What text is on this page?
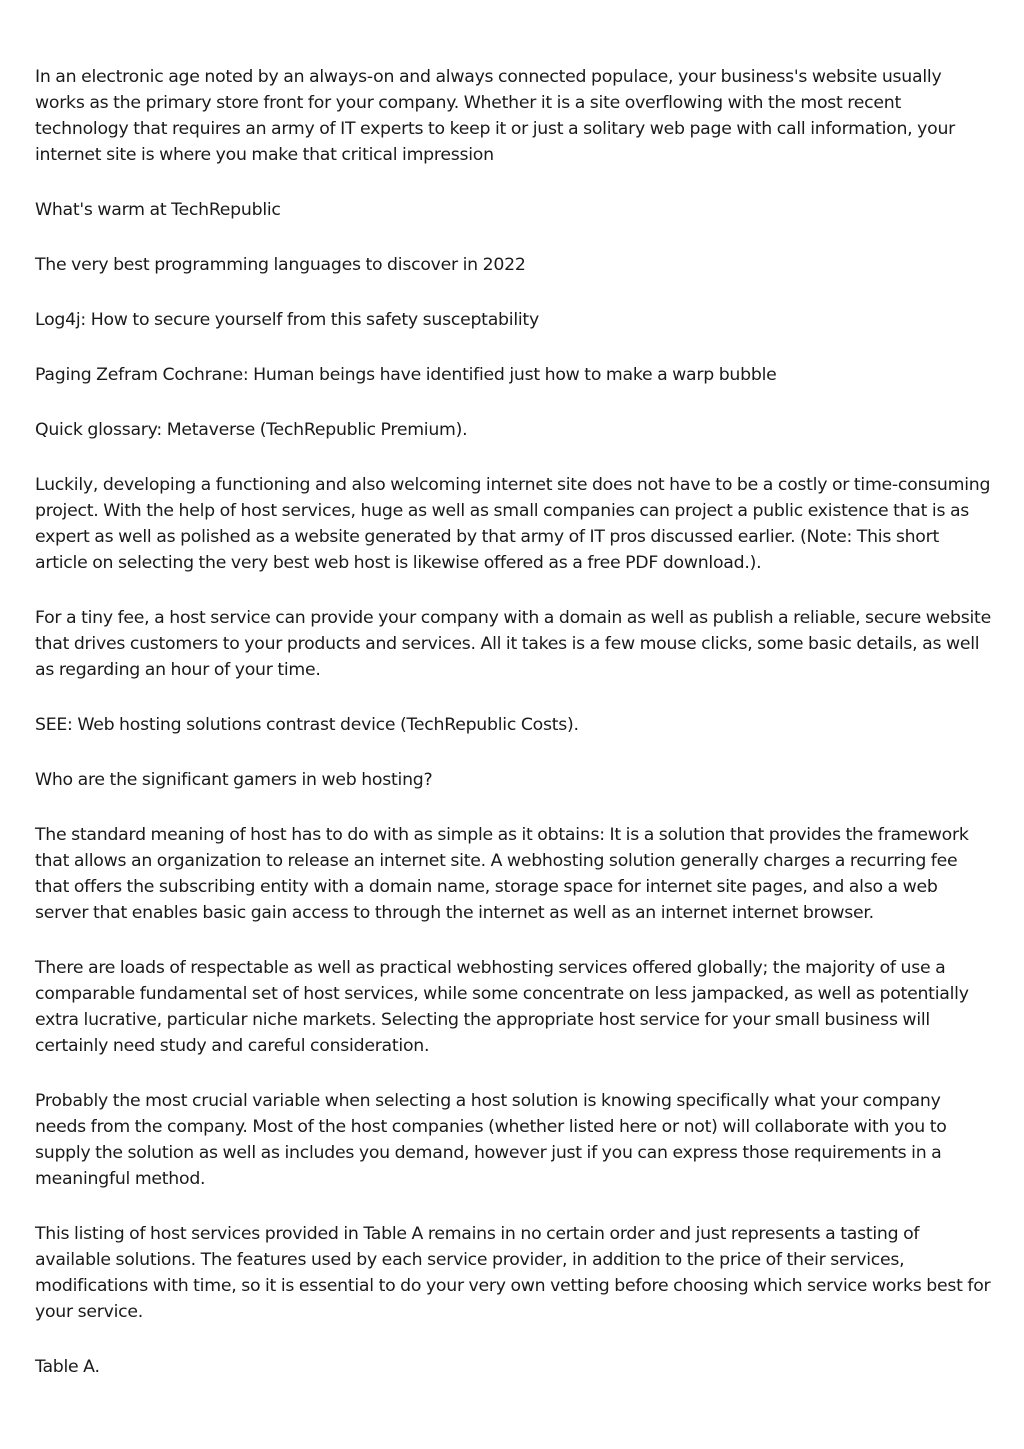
In an electronic age noted by an always-on and always connected populace, your business's website usually works as the primary store front for your company. Whether it is a site overflowing with the most recent technology that requires an army of IT experts to keep it or just a solitary web page with call information, your internet site is where you make that critical impression

What's warm at TechRepublic

The very best programming languages to discover in 2022

Log4j: How to secure yourself from this safety susceptability

Paging Zefram Cochrane: Human beings have identified just how to make a warp bubble

Quick glossary: Metaverse (TechRepublic Premium).

Luckily, developing a functioning and also welcoming internet site does not have to be a costly or time-consuming project. With the help of host services, huge as well as small companies can project a public existence that is as expert as well as polished as a website generated by that army of IT pros discussed earlier. (Note: This short article on selecting the very best web host is likewise offered as a free PDF download.).

For a tiny fee, a host service can provide your company with a domain as well as publish a reliable, secure website that drives customers to your products and services. All it takes is a few mouse clicks, some basic details, as well as regarding an hour of your time.

SEE: Web hosting solutions contrast device (TechRepublic Costs).

Who are the significant gamers in web hosting?

The standard meaning of host has to do with as simple as it obtains: It is a solution that provides the framework that allows an organization to release an internet site. A webhosting solution generally charges a recurring fee that offers the subscribing entity with a domain name, storage space for internet site pages, and also a web server that enables basic gain access to through the internet as well as an internet internet browser.

There are loads of respectable as well as practical webhosting services offered globally; the majority of use a comparable fundamental set of host services, while some concentrate on less jampacked, as well as potentially extra lucrative, particular niche markets. Selecting the appropriate host service for your small business will certainly need study and careful consideration.

Probably the most crucial variable when selecting a host solution is knowing specifically what your company needs from the company. Most of the host companies (whether listed here or not) will collaborate with you to supply the solution as well as includes you demand, however just if you can express those requirements in a meaningful method.

This listing of host services provided in Table A remains in no certain order and just represents a tasting of available solutions. The features used by each service provider, in addition to the price of their services, modifications with time, so it is essential to do your very own vetting before choosing which service works best for your service.

Table A.
